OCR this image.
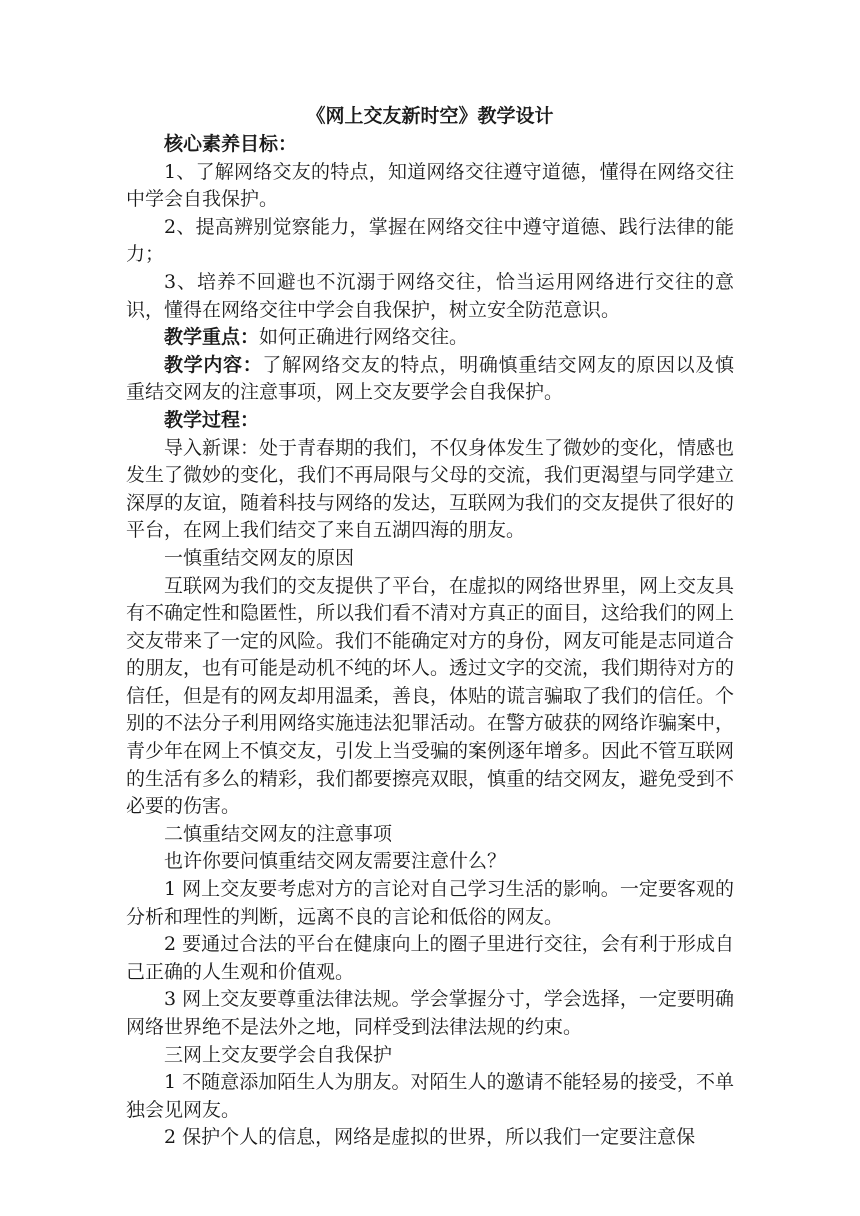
《网上交友新时空》教学设计

核心素养目标：

1、了解网络交友的特点，知道网络交往遵守道德，懂得在网络交往中学会自我保护。

2、提高辨别觉察能力，掌握在网络交往中遵守道德、践行法律的能力；

3、培养不回避也不沉溺于网络交往，恰当运用网络进行交往的意识，懂得在网络交往中学会自我保护，树立安全防范意识。

教学重点：如何正确进行网络交往。

教学内容：了解网络交友的特点，明确慎重结交网友的原因以及慎重结交网友的注意事项，网上交友要学会自我保护。

教学过程：

导入新课：处于青春期的我们，不仅身体发生了微妙的变化，情感也发生了微妙的变化，我们不再局限与父母的交流，我们更渴望与同学建立深厚的友谊，随着科技与网络的发达，互联网为我们的交友提供了很好的平台，在网上我们结交了来自五湖四海的朋友。

一慎重结交网友的原因

互联网为我们的交友提供了平台，在虚拟的网络世界里，网上交友具有不确定性和隐匿性，所以我们看不清对方真正的面目，这给我们的网上交友带来了一定的风险。我们不能确定对方的身份，网友可能是志同道合的朋友，也有可能是动机不纯的坏人。透过文字的交流，我们期待对方的信任，但是有的网友却用温柔，善良，体贴的谎言骗取了我们的信任。个别的不法分子利用网络实施违法犯罪活动。在警方破获的网络诈骗案中，青少年在网上不慎交友，引发上当受骗的案例逐年增多。因此不管互联网的生活有多么的精彩，我们都要擦亮双眼，慎重的结交网友，避免受到不必要的伤害。

二慎重结交网友的注意事项

也许你要问慎重结交网友需要注意什么？

1 网上交友要考虑对方的言论对自己学习生活的影响。一定要客观的分析和理性的判断，远离不良的言论和低俗的网友。

2 要通过合法的平台在健康向上的圈子里进行交往，会有利于形成自己正确的人生观和价值观。

3 网上交友要尊重法律法规。学会掌握分寸，学会选择，一定要明确网络世界绝不是法外之地，同样受到法律法规的约束。

三网上交友要学会自我保护

1 不随意添加陌生人为朋友。对陌生人的邀请不能轻易的接受，不单独会见网友。

2 保护个人的信息，网络是虚拟的世界，所以我们一定要注意保
